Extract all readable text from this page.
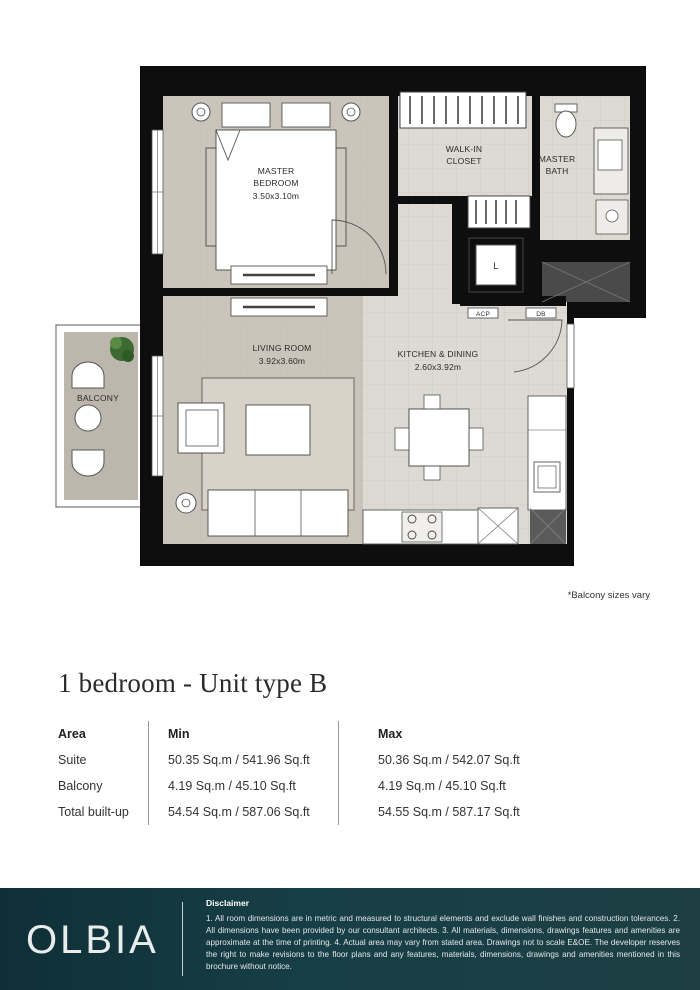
L
ACP	DB
MASTER
BEDROOM
3.50x3.10m
WALK-IN
CLOSET	MASTER
BATH
LIVING ROOM
3.92x3.60m
KITCHEN & DINING
2.60x3.92m
BALCONY
*Balcony sizes vary
1 bedroom - Unit type B
Area	Min	Max
Suite	50.35 Sq.m / 541.96 Sq.ft	50.36 Sq.m / 542.07 Sq.ft
Balcony	4.19 Sq.m / 45.10 Sq.ft	4.19 Sq.m / 45.10 Sq.ft
Total built-up	54.54 Sq.m / 587.06 Sq.ft	54.55 Sq.m / 587.17 Sq.ft
OLBIA
Disclaimer
1. All room dimensions are in metric and measured to structural elements and exclude wall finishes and construction tolerances. 2. All dimensions have been provided by our consultant architects. 3. All materials, dimensions, drawings features and amenities are approximate at the time of printing. 4. Actual area may vary from stated area. Drawings not to scale E&OE. The developer reserves the right to make revisions to the floor plans and any features, materials, dimensions, drawings and amenities mentioned in this brochure without notice.
